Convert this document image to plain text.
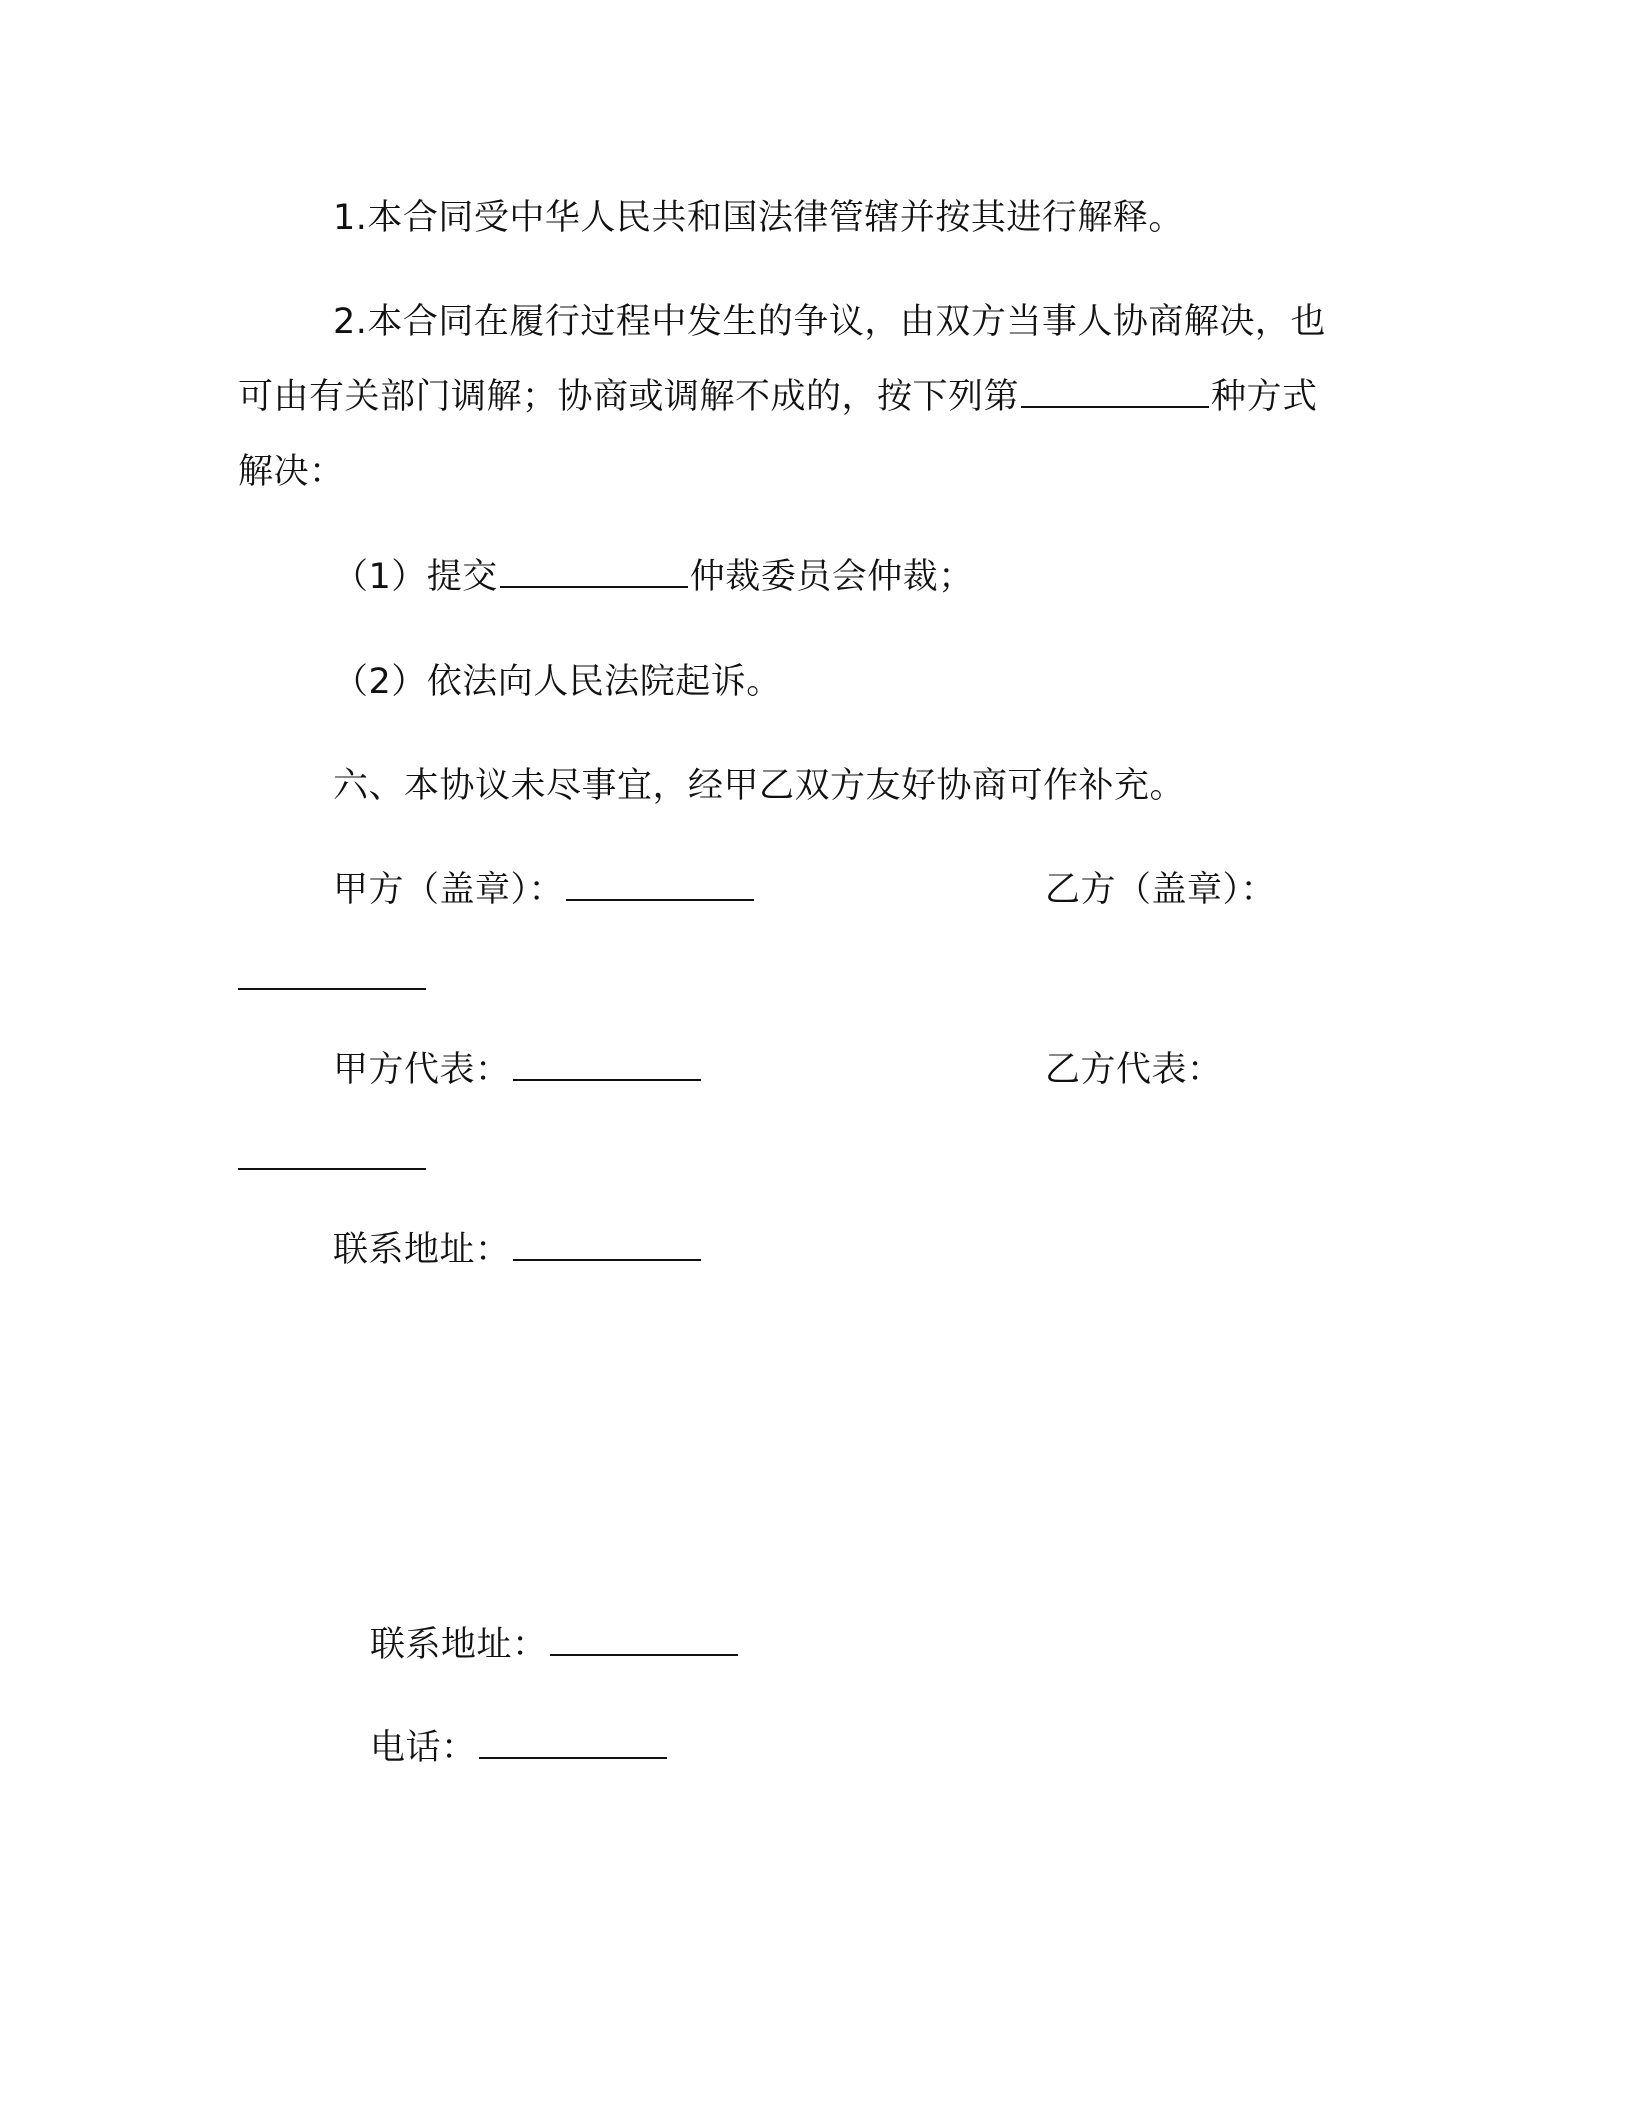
1.本合同受中华人民共和国法律管辖并按其进行解释。
2.本合同在履行过程中发生的争议，由双方当事人协商解决，也
可由有关部门调解；协商或调解不成的，按下列第	种方式
解决：
（1）提交	仲裁委员会仲裁；
（2）依法向人民法院起诉。
六、本协议未尽事宜，经甲乙双方友好协商可作补充。
甲方（盖章）：	乙方（盖章）：
甲方代表：	乙方代表：
联系地址：
联系地址：
电话：
